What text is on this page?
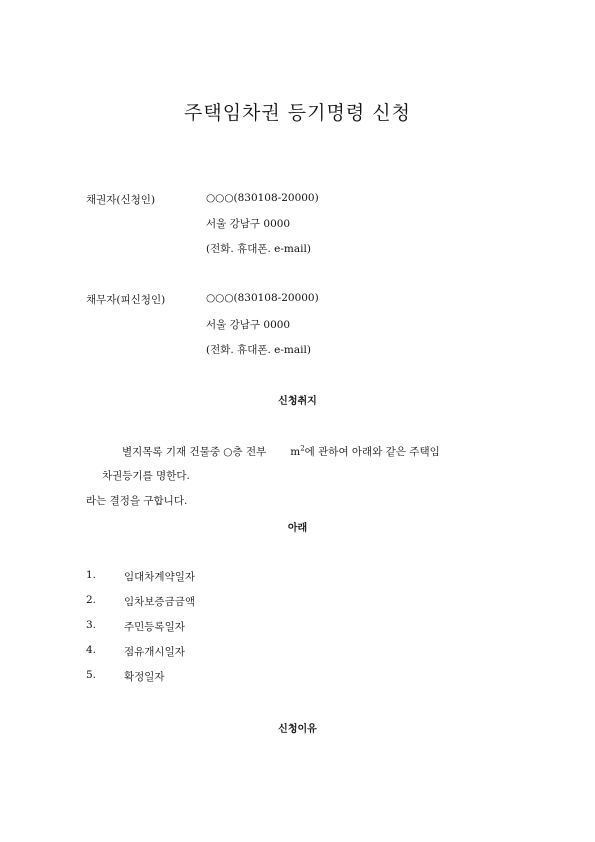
주택임차권 등기명령 신청
채권자(신청인)	○○○(830108-20000)
서울 강남구 0000
(전화. 휴대폰. e-mail)
채무자(피신청인)	○○○(830108-20000)
서울 강남구 0000
(전화. 휴대폰. e-mail)
신청취지
별지목록 기재 건물중 ○층 전부 $m^2$에 관하여 아래와 같은 주택임
차권등기를 명한다.
라는 결정을 구합니다.
아래
1.	임대차계약일자
2.	임차보증금금액
3.	주민등록일자
4.	점유개시일자
5.	확정일자
신청이유
